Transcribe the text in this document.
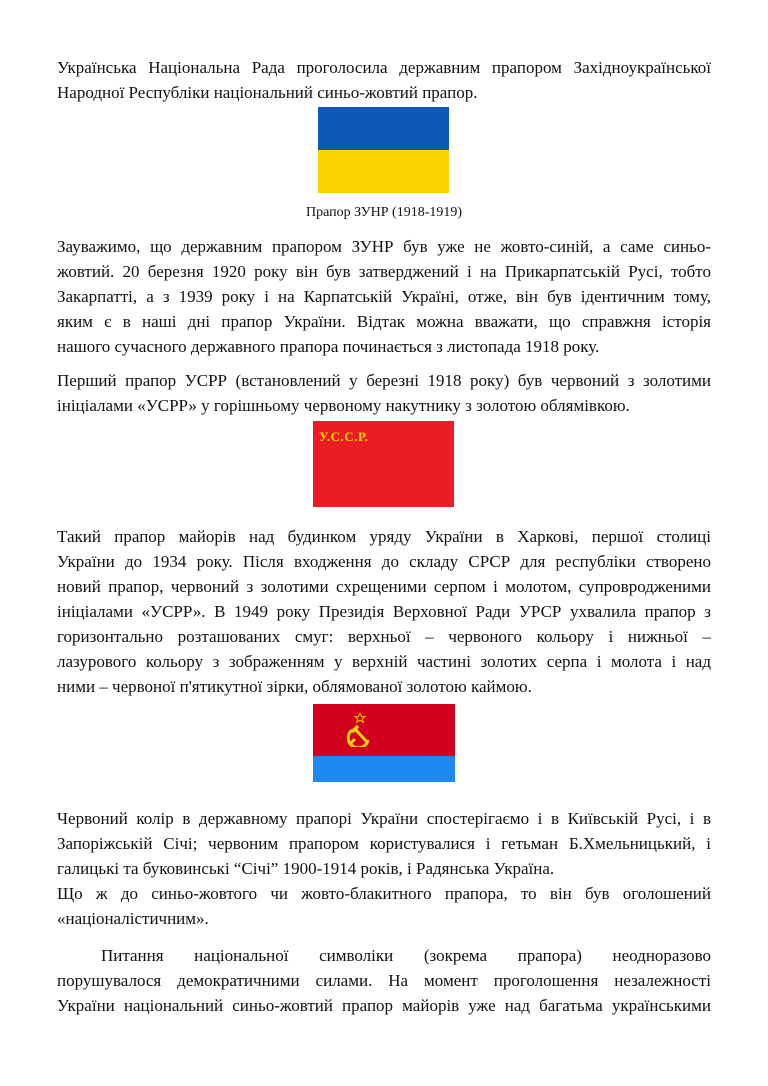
Українська Національна Рада проголосила державним прапором Західноукраїнської
Народної Республіки національний синьо-жовтий прапор.

Прапор ЗУНР (1918-1919)

Зауважимо, що державним прапором ЗУНР був уже не жовто-синій, а саме синьо-
жовтий. 20 березня 1920 року він був затверджений і на Прикарпатській Русі, тобто
Закарпатті, а з 1939 року і на Карпатській Україні, отже, він був ідентичним тому,
яким є в наші дні прапор України. Відтак можна вважати, що справжня історія
нашого сучасного державного прапора починається з листопада 1918 року.

Перший прапор УСРР (встановлений у березні 1918 року) був червоний з золотими
ініціалами «УСРР» у горішньому червоному накутнику з золотою облямівкою.

У.С.С.Р.

Такий прапор майорів над будинком уряду України в Харкові, першої столиці
України до 1934 року. Після входження до складу СРСР для республіки створено
новий прапор, червоний з золотими схрещеними серпом і молотом, супровродженими
ініціалами «УСРР». В 1949 року Президія Верховної Ради УРСР ухвалила прапор з
горизонтально розташованих смуг: верхньої – червоного кольору і нижньої –
лазурового кольору з зображенням у верхній частині золотих серпа і молота і над
ними – червоної п'ятикутної зірки, облямованої золотою каймою.

Червоний колір в державному прапорі України спостерігаємо і в Київській Русі, і в
Запоріжській Січі; червоним прапором користувалися і гетьман Б.Хмельницький, і
галицькі та буковинські “Січі” 1900-1914 років, і Радянська Україна.

Що ж до синьо-жовтого чи жовто-блакитного прапора, то він був оголошений
«націоналістичним».

Питання національної символіки (зокрема прапора) неодноразово
порушувалося демократичними силами. На момент проголошення незалежності
України національний синьо-жовтий прапор майорів уже над багатьма українськими
